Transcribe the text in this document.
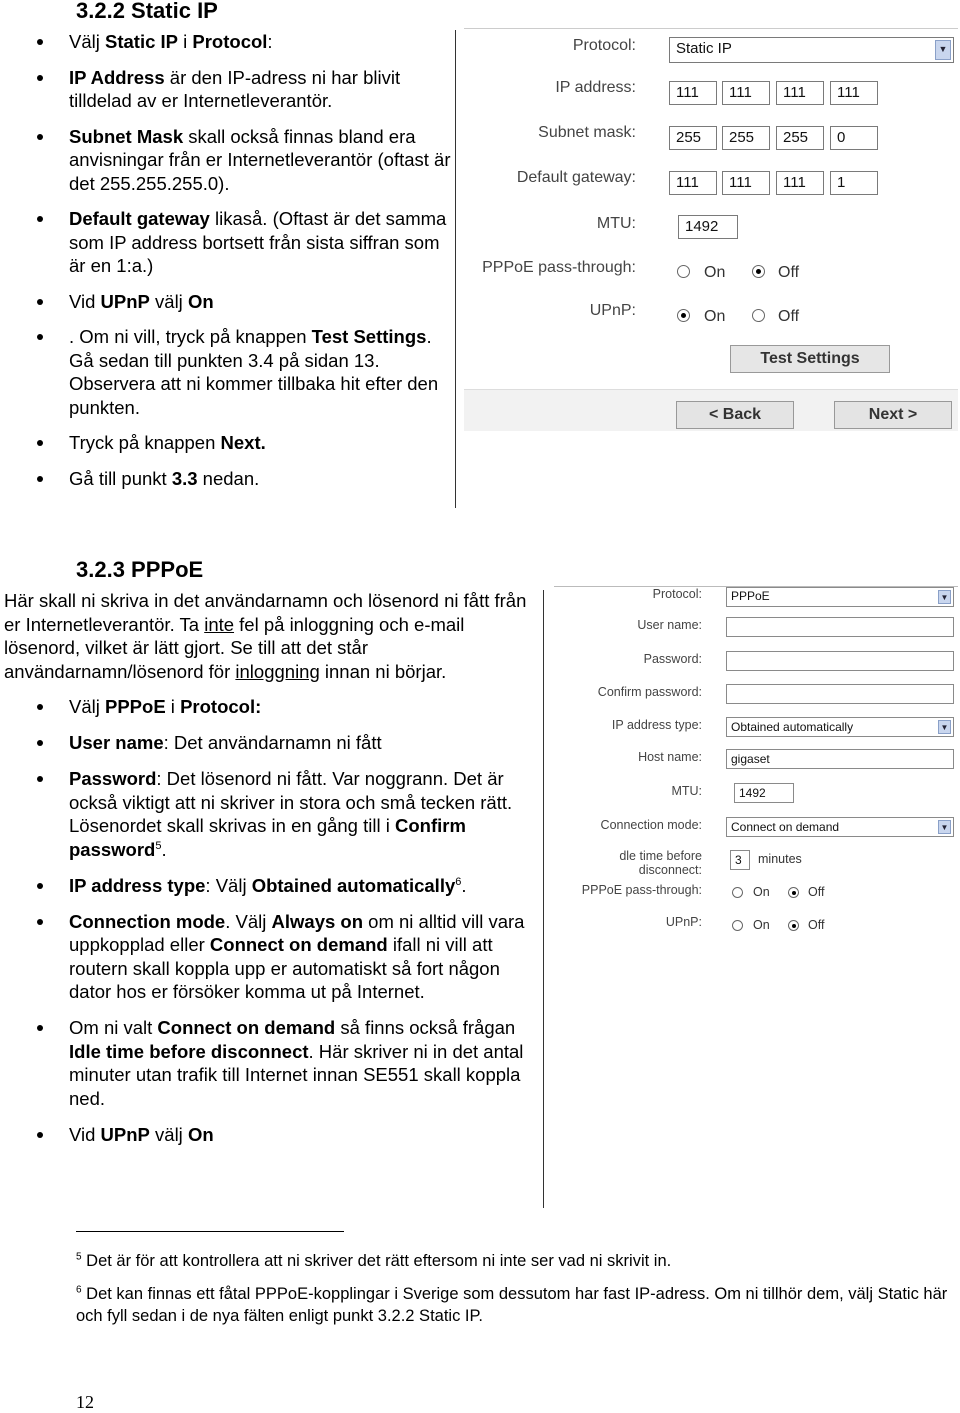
3.2.2 Static IP
Välj Static IP i Protocol:
IP Address är den IP-adress ni har blivit tilldelad av er Internetleverantör.
Subnet Mask skall också finnas bland era anvisningar från er Internetleverantör (oftast är det 255.255.255.0).
Default gateway likaså. (Oftast är det samma som IP address bortsett från sista siffran som är en 1:a.)
Vid UPnP välj On
. Om ni vill, tryck på knappen Test Settings. Gå sedan till punkten 3.4 på sidan 13. Observera att ni kommer tillbaka hit efter den punkten.
Tryck på knappen Next.
Gå till punkt 3.3 nedan.
Protocol:	Static IP	▼
IP address:	111	111	111	111
Subnet mask:	255	255	255	0
Default gateway:	111	111	111	1
MTU:	1492
PPPoE pass-through:	On	Off
UPnP:	On	Off
Test Settings
< Back	Next >
3.2.3 PPPoE
Här skall ni skriva in det användarnamn och lösenord ni fått från er Internetleverantör. Ta inte fel på inloggning och e-mail lösenord, vilket är lätt gjort. Se till att det står användarnamn/lösenord för inloggning innan ni börjar.
Välj PPPoE i Protocol:
User name: Det användarnamn ni fått
Password: Det lösenord ni fått. Var noggrann. Det är också viktigt att ni skriver in stora och små tecken rätt.
Lösenordet skall skrivas in en gång till i Confirm password$^5$.
IP address type: Välj Obtained automatically$^6$.
Connection mode. Välj Always on om ni alltid vill vara uppkopplad eller Connect on demand ifall ni vill att routern skall koppla upp er automatiskt så fort någon dator hos er försöker komma ut på Internet.
Om ni valt Connect on demand så finns också frågan Idle time before disconnect. Här skriver ni in det antal minuter utan trafik till Internet innan SE551 skall koppla ned.
Vid UPnP välj On
Protocol:	PPPoE	▼
User name:
Password:
Confirm password:
IP address type:	Obtained automatically	▼
Host name:	gigaset
MTU:	1492
Connection mode:	Connect on demand	▼
dle time before disconnect:
3	minutes
PPPoE pass-through:	On	Off
UPnP:	On	Off
$^5$ Det är för att kontrollera att ni skriver det rätt eftersom ni inte ser vad ni skrivit in.
$^6$ Det kan finnas ett fåtal PPPoE-kopplingar i Sverige som dessutom har fast IP-adress. Om ni tillhör dem, välj Static här och fyll sedan i de nya fälten enligt punkt 3.2.2 Static IP.
12
